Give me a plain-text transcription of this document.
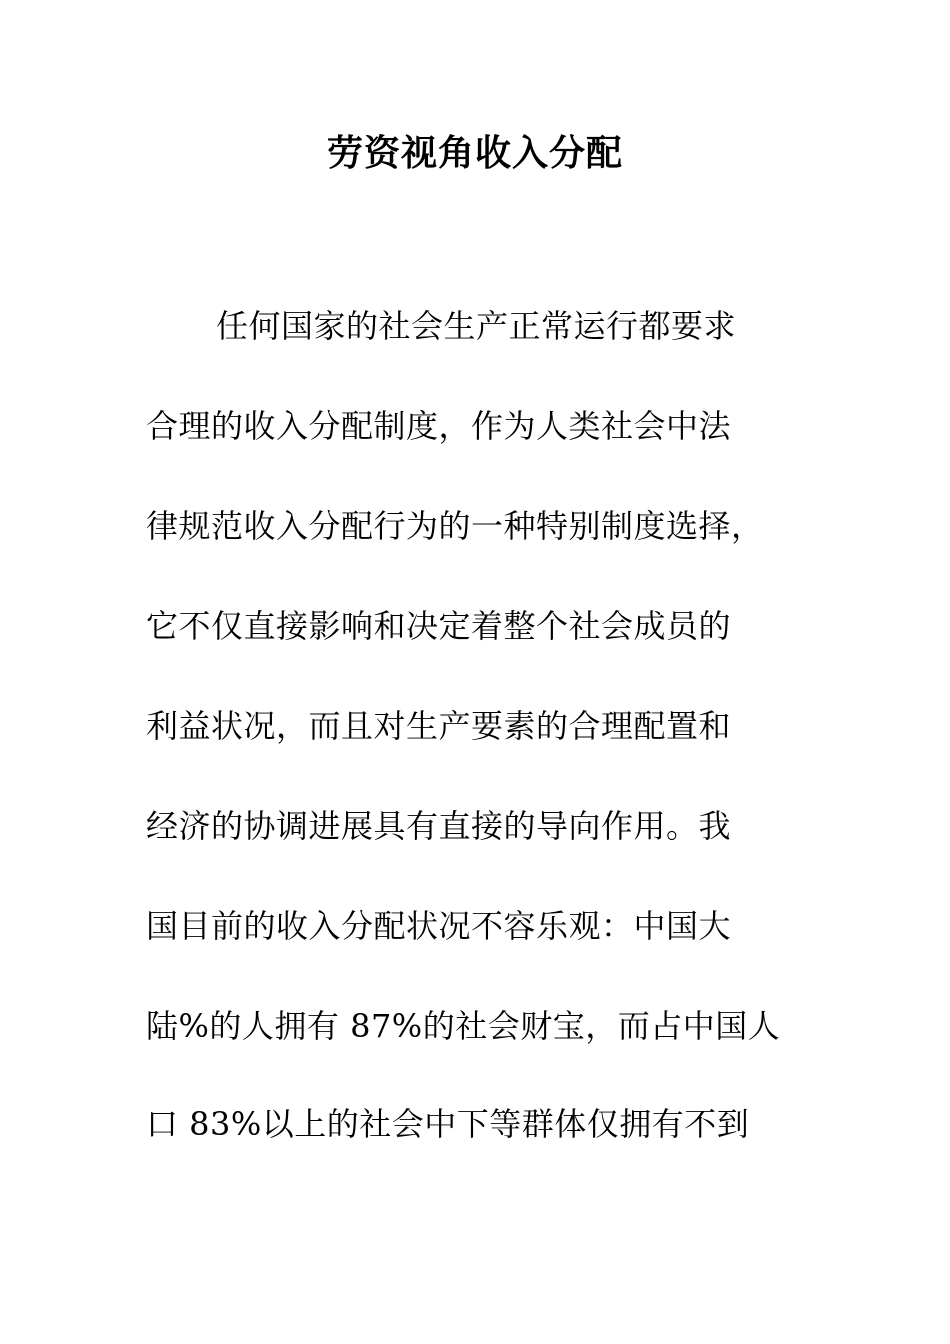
劳资视角收入分配
任何国家的社会生产正常运行都要求
合理的收入分配制度，作为人类社会中法
律规范收入分配行为的一种特别制度选择，
它不仅直接影响和决定着整个社会成员的
利益状况，而且对生产要素的合理配置和
经济的协调进展具有直接的导向作用。我
国目前的收入分配状况不容乐观：中国大
陆%的人拥有 87%的社会财宝，而占中国人
口 83%以上的社会中下等群体仅拥有不到
